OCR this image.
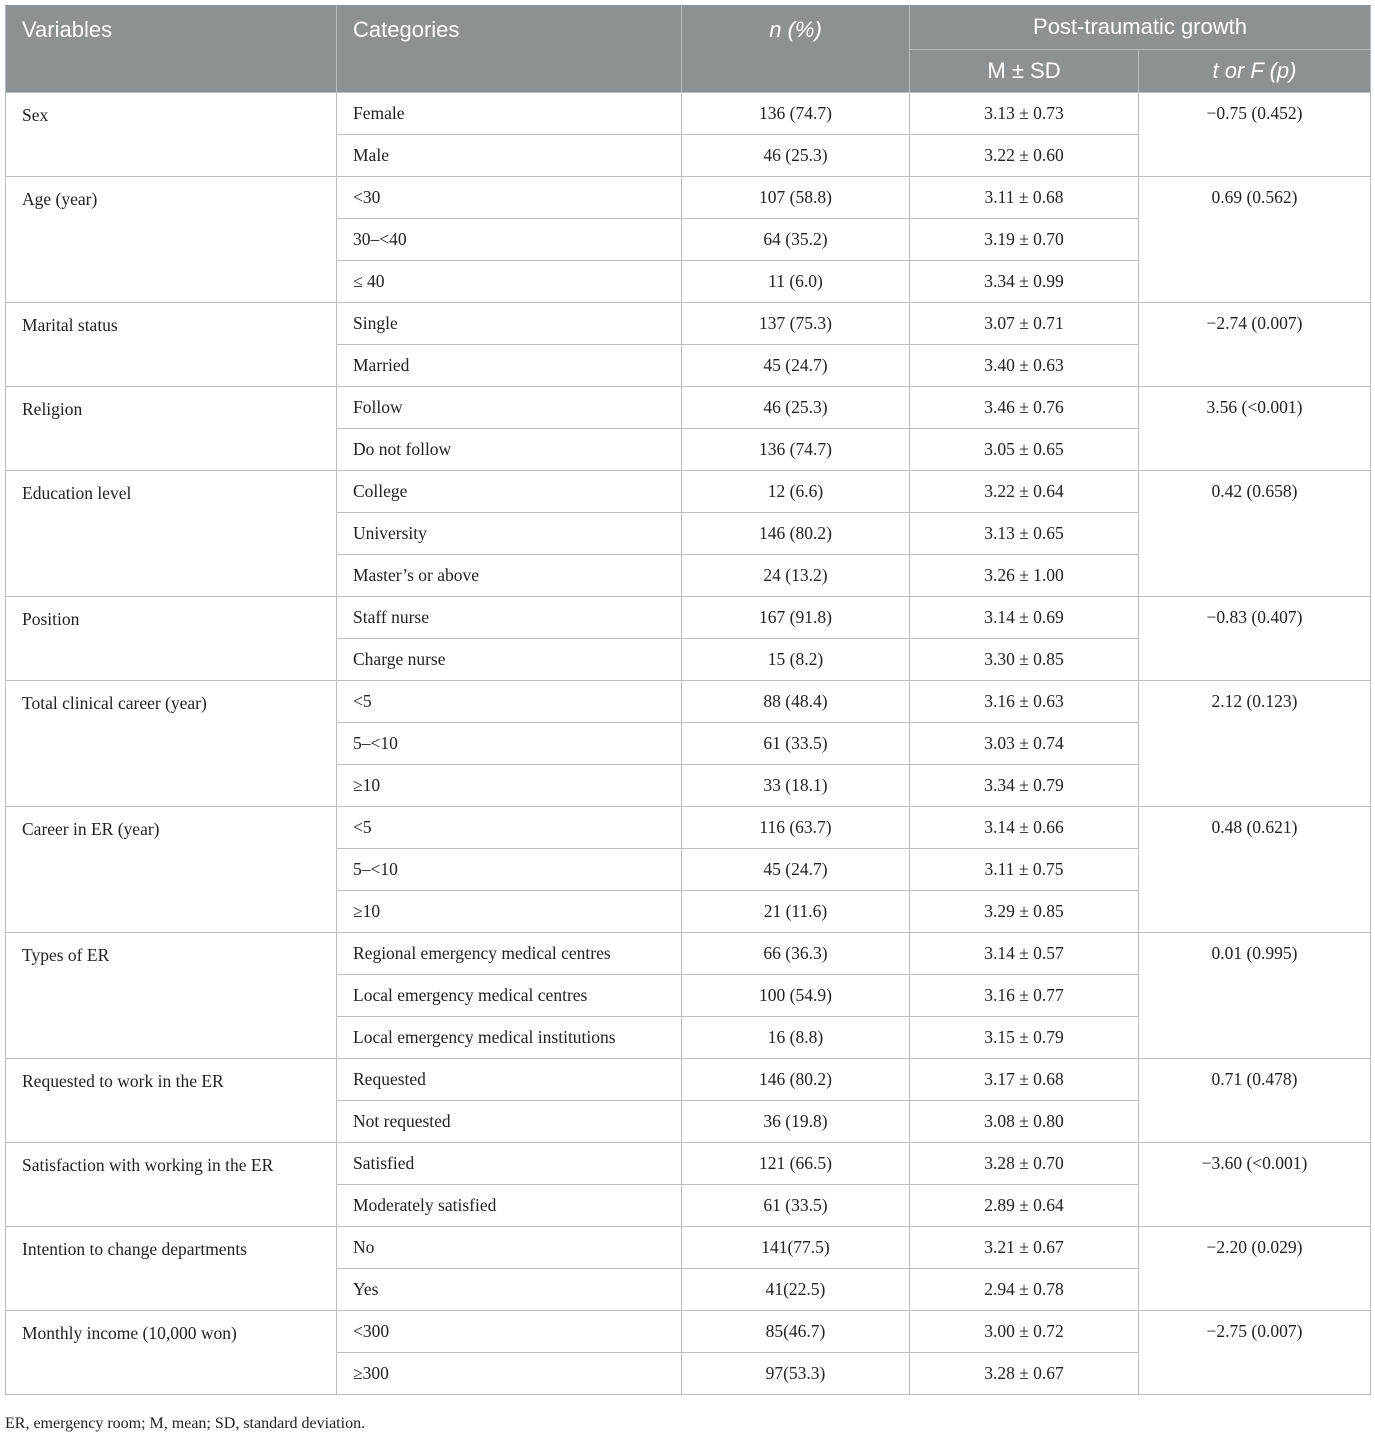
Variables	Categories	n (%)	Post-traumatic growth	
			M ± SD	t or F (p)
Sex	Female	136 (74.7)	3.13 ± 0.73	−0.75 (0.452)
	Male	46 (25.3)	3.22 ± 0.60	
Age (year)	<30	107 (58.8)	3.11 ± 0.68	0.69 (0.562)
	30–<40	64 (35.2)	3.19 ± 0.70	
	≤ 40	11 (6.0)	3.34 ± 0.99	
Marital status	Single	137 (75.3)	3.07 ± 0.71	−2.74 (0.007)
	Married	45 (24.7)	3.40 ± 0.63	
Religion	Follow	46 (25.3)	3.46 ± 0.76	3.56 (<0.001)
	Do not follow	136 (74.7)	3.05 ± 0.65	
Education level	College	12 (6.6)	3.22 ± 0.64	0.42 (0.658)
	University	146 (80.2)	3.13 ± 0.65	
	Master’s or above	24 (13.2)	3.26 ± 1.00	
Position	Staff nurse	167 (91.8)	3.14 ± 0.69	−0.83 (0.407)
	Charge nurse	15 (8.2)	3.30 ± 0.85	
Total clinical career (year)	<5	88 (48.4)	3.16 ± 0.63	2.12 (0.123)
	5–<10	61 (33.5)	3.03 ± 0.74	
	≥10	33 (18.1)	3.34 ± 0.79	
Career in ER (year)	<5	116 (63.7)	3.14 ± 0.66	0.48 (0.621)
	5–<10	45 (24.7)	3.11 ± 0.75	
	≥10	21 (11.6)	3.29 ± 0.85	
Types of ER	Regional emergency medical centres	66 (36.3)	3.14 ± 0.57	0.01 (0.995)
	Local emergency medical centres	100 (54.9)	3.16 ± 0.77	
	Local emergency medical institutions	16 (8.8)	3.15 ± 0.79	
Requested to work in the ER	Requested	146 (80.2)	3.17 ± 0.68	0.71 (0.478)
	Not requested	36 (19.8)	3.08 ± 0.80	
Satisfaction with working in the ER	Satisfied	121 (66.5)	3.28 ± 0.70	−3.60 (<0.001)
	Moderately satisfied	61 (33.5)	2.89 ± 0.64	
Intention to change departments	No	141(77.5)	3.21 ± 0.67	−2.20 (0.029)
	Yes	41(22.5)	2.94 ± 0.78	
Monthly income (10,000 won)	<300	85(46.7)	3.00 ± 0.72	−2.75 (0.007)
	≥300	97(53.3)	3.28 ± 0.67	
ER, emergency room; M, mean; SD, standard deviation.
